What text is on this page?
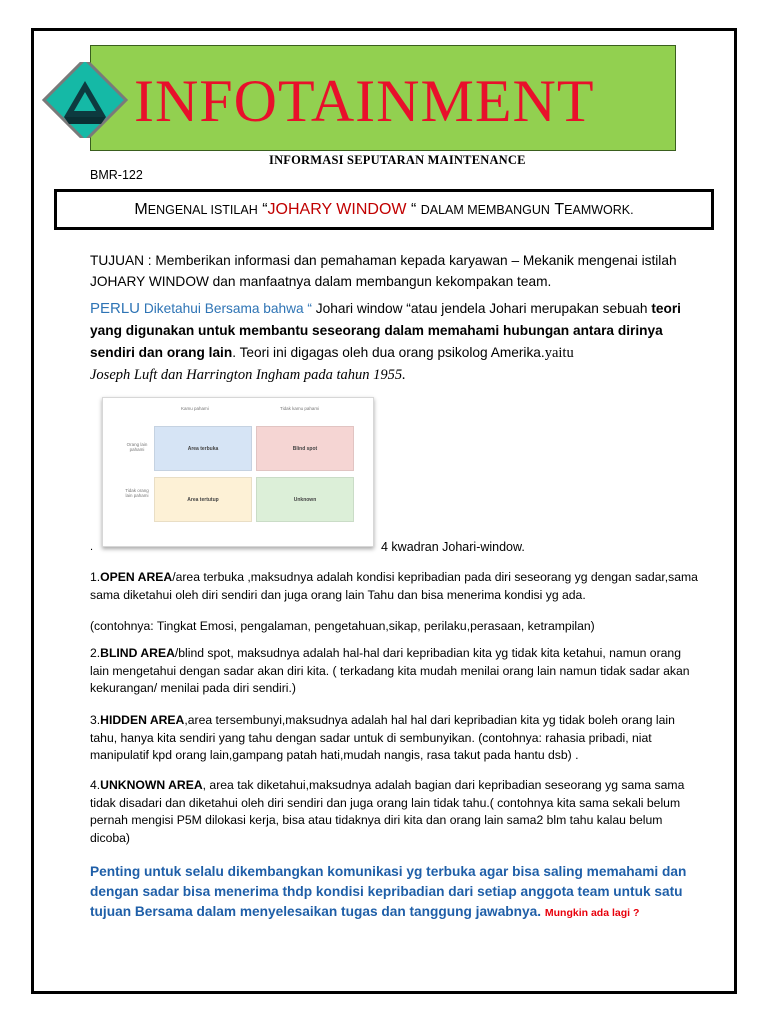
INFOTAINMENT
INFORMASI SEPUTARAN MAINTENANCE
BMR-122
MENGENAL ISTILAH “JOHARY WINDOW “ DALAM MEMBANGUN TEAMWORK.
TUJUAN : Memberikan informasi dan pemahaman kepada karyawan – Mekanik mengenai istilah JOHARY WINDOW dan manfaatnya dalam membangun kekompakan team.
PERLU Diketahui Bersama bahwa “ Johari window “atau jendela Johari merupakan sebuah teori yang digunakan untuk membantu seseorang dalam memahami hubungan antara dirinya sendiri dan orang lain. Teori ini digagas oleh dua orang psikolog Amerika.yaitu
Joseph Luft dan Harrington Ingham pada tahun 1955.
Kamu pahami	Tidak kamu pahami
Orang lain pahami
Tidak orang lain pahami
Area terbuka	Blind spot
Area tertutup	Unknown
.	4 kwadran Johari-window.
1.OPEN AREA/area terbuka ,maksudnya adalah kondisi kepribadian pada diri seseorang yg dengan sadar,sama sama diketahui oleh diri sendiri dan juga orang lain Tahu dan bisa menerima kondisi yg ada.
(contohnya: Tingkat Emosi, pengalaman, pengetahuan,sikap, perilaku,perasaan, ketrampilan)
2.BLIND AREA/blind spot, maksudnya adalah hal-hal dari kepribadian kita yg tidak kita ketahui, namun orang lain mengetahui dengan sadar akan diri kita. ( terkadang kita mudah menilai orang lain namun tidak sadar akan kekurangan/ menilai pada diri sendiri.)
3.HIDDEN AREA,area tersembunyi,maksudnya adalah hal hal dari kepribadian kita yg tidak boleh orang lain tahu, hanya kita sendiri yang tahu dengan sadar untuk di sembunyikan. (contohnya: rahasia pribadi, niat manipulatif kpd orang lain,gampang patah hati,mudah nangis, rasa takut pada hantu dsb) .
4.UNKNOWN AREA, area tak diketahui,maksudnya adalah bagian dari kepribadian seseorang yg sama sama tidak disadari dan diketahui oleh diri sendiri dan juga orang lain tidak tahu.( contohnya kita sama sekali belum pernah mengisi P5M dilokasi kerja, bisa atau tidaknya diri kita dan orang lain sama2 blm tahu kalau belum dicoba)
Penting untuk selalu dikembangkan komunikasi yg terbuka agar bisa saling memahami dan dengan sadar bisa menerima thdp kondisi kepribadian dari setiap anggota team untuk satu tujuan Bersama dalam menyelesaikan tugas dan tanggung jawabnya. Mungkin ada lagi ?
